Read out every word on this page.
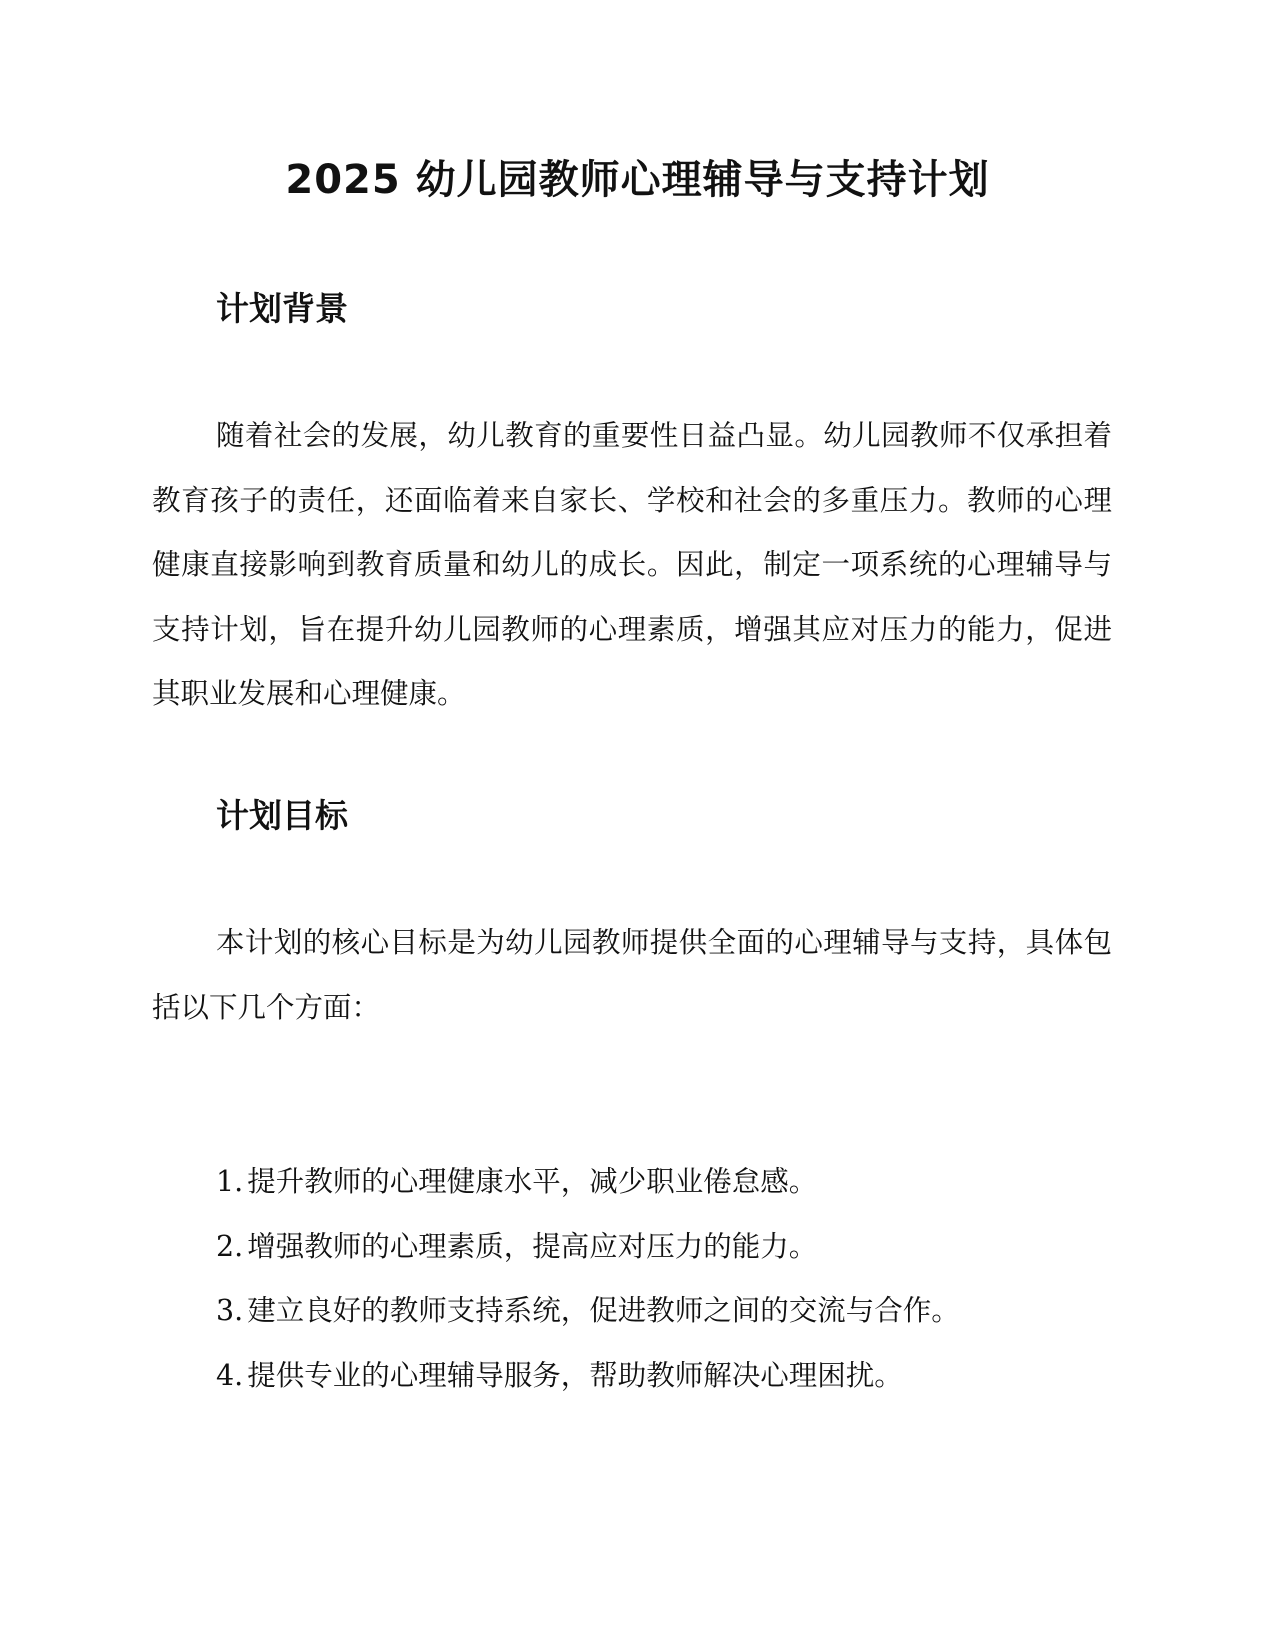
2025 幼儿园教师心理辅导与支持计划
计划背景

随着社会的发展，幼儿教育的重要性日益凸显。幼儿园教师不仅承担着教育孩子的责任，还面临着来自家长、学校和社会的多重压力。教师的心理健康直接影响到教育质量和幼儿的成长。因此，制定一项系统的心理辅导与支持计划，旨在提升幼儿园教师的心理素质，增强其应对压力的能力，促进其职业发展和心理健康。

计划目标

本计划的核心目标是为幼儿园教师提供全面的心理辅导与支持，具体包括以下几个方面：

1. 提升教师的心理健康水平，减少职业倦怠感。
2. 增强教师的心理素质，提高应对压力的能力。
3. 建立良好的教师支持系统，促进教师之间的交流与合作。
4. 提供专业的心理辅导服务，帮助教师解决心理困扰。
